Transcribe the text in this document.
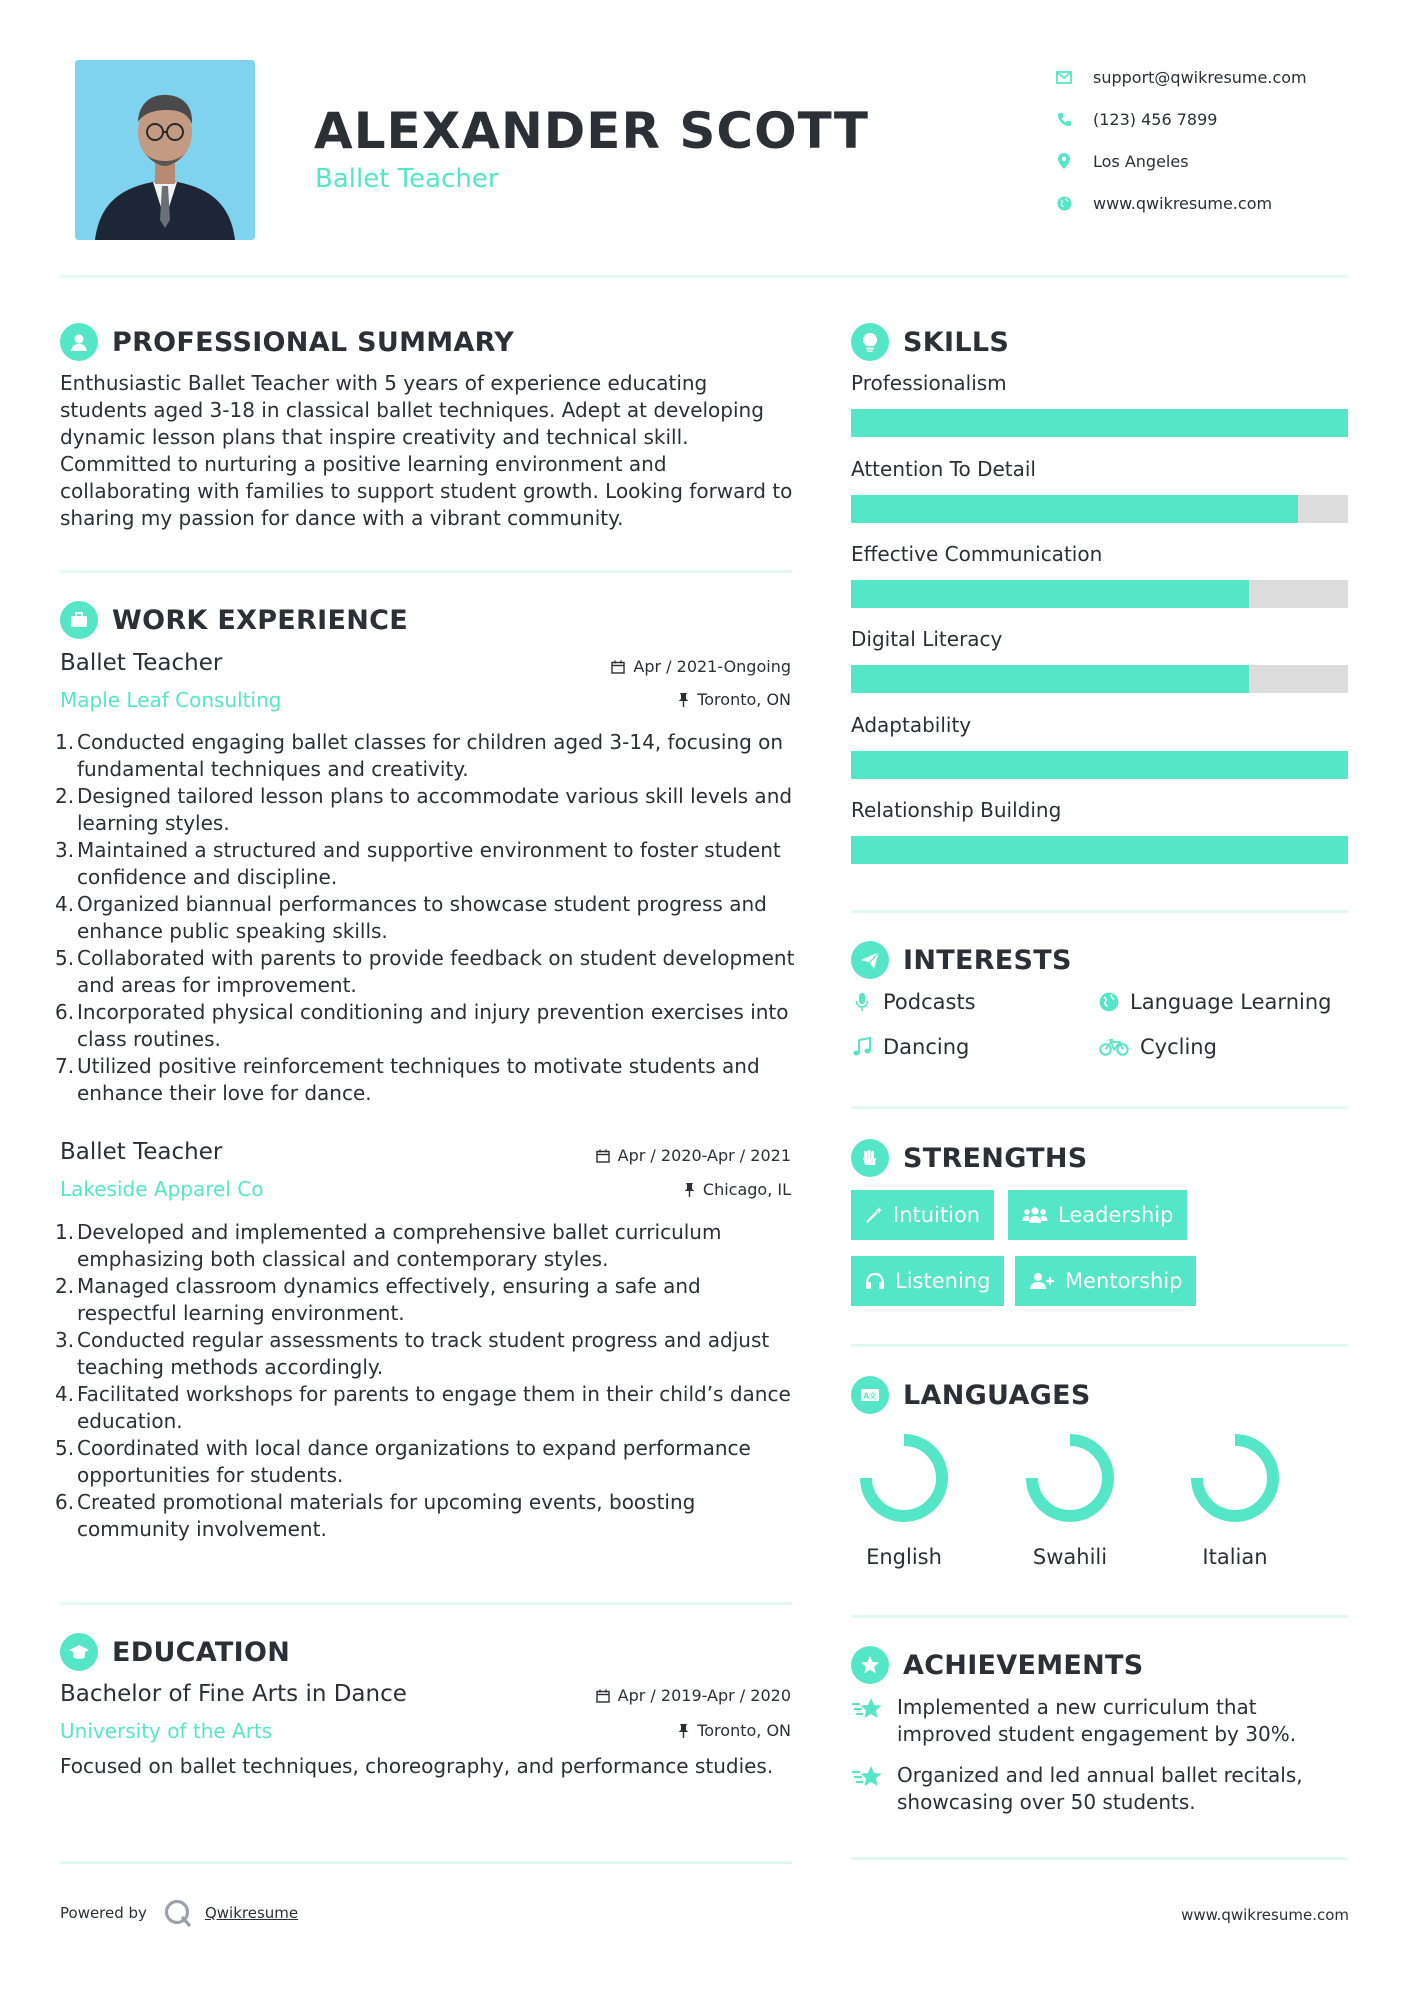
ALEXANDER SCOTT
Ballet Teacher
support@qwikresume.com
(123) 456 7899
Los Angeles
www.qwikresume.com
PROFESSIONAL SUMMARY
Enthusiastic Ballet Teacher with 5 years of experience educating students aged 3-18 in classical ballet techniques. Adept at developing dynamic lesson plans that inspire creativity and technical skill. Committed to nurturing a positive learning environment and collaborating with families to support student growth. Looking forward to sharing my passion for dance with a vibrant community.
WORK EXPERIENCE
Ballet Teacher	Apr / 2021-Ongoing
Maple Leaf Consulting	Toronto, ON
1. Conducted engaging ballet classes for children aged 3-14, focusing on fundamental techniques and creativity.
2. Designed tailored lesson plans to accommodate various skill levels and learning styles.
3. Maintained a structured and supportive environment to foster student confidence and discipline.
4. Organized biannual performances to showcase student progress and enhance public speaking skills.
5. Collaborated with parents to provide feedback on student development and areas for improvement.
6. Incorporated physical conditioning and injury prevention exercises into class routines.
7. Utilized positive reinforcement techniques to motivate students and enhance their love for dance.
Ballet Teacher	Apr / 2020-Apr / 2021
Lakeside Apparel Co	Chicago, IL
1. Developed and implemented a comprehensive ballet curriculum emphasizing both classical and contemporary styles.
2. Managed classroom dynamics effectively, ensuring a safe and respectful learning environment.
3. Conducted regular assessments to track student progress and adjust teaching methods accordingly.
4. Facilitated workshops for parents to engage them in their child’s dance education.
5. Coordinated with local dance organizations to expand performance opportunities for students.
6. Created promotional materials for upcoming events, boosting community involvement.
EDUCATION
Bachelor of Fine Arts in Dance	Apr / 2019-Apr / 2020
University of the Arts	Toronto, ON
Focused on ballet techniques, choreography, and performance studies.
SKILLS
Professionalism
Attention To Detail
Effective Communication
Digital Literacy
Adaptability
Relationship Building
INTERESTS
Podcasts	Language Learning
Dancing	Cycling
STRENGTHS
Intuition	Leadership
Listening	Mentorship
A文 LANGUAGES
English	Swahili	Italian
ACHIEVEMENTS
Implemented a new curriculum that improved student engagement by 30%.
Organized and led annual ballet recitals, showcasing over 50 students.
Powered by	Qwikresume	www.qwikresume.com
